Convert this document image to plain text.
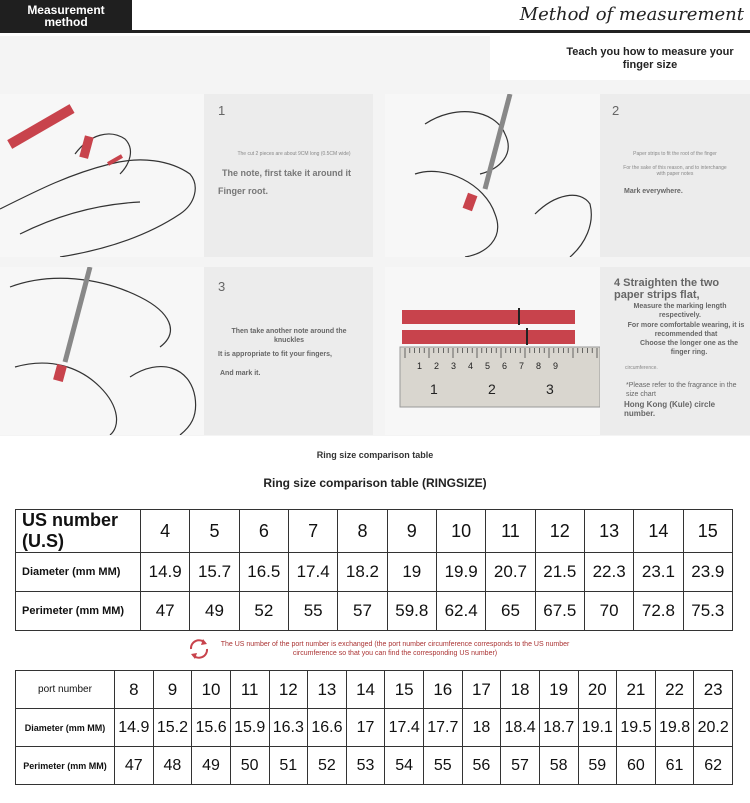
Measurement
method	Method of measurement
Teach you how to measure your finger size
1
The cut 2 pieces are about 9CM long (0.5CM wide)
The note, first take it around it
Finger root.
2
Paper strips to fit the root of the finger
For the sake of this reason, and to interchange with paper notes
Mark everywhere.
3
Then take another note around the knuckles
It is appropriate to fit your fingers,
And mark it.
1 2 3 4 5 6 7 8 9
1	2	3
4 Straighten the two paper strips flat,
Measure the marking length respectively.
For more comfortable wearing, it is recommended that
Choose the longer one as the finger ring.
circumference.
*Please refer to the fragrance in the size chart
Hong Kong (Kule) circle number.
Ring size comparison table
Ring size comparison table (RINGSIZE)
US number (U.S)	4	5	6	7	8	9	10	11	12	13	14	15
Diameter (mm MM)	14.9	15.7	16.5	17.4	18.2	19	19.9	20.7	21.5	22.3	23.1	23.9
Perimeter (mm MM)	47	49	52	55	57	59.8	62.4	65	67.5	70	72.8	75.3
The US number of the port number is exchanged (the port number circumference corresponds to the US number circumference so that you can find the corresponding US number)
port number	8	9	10	11	12	13	14	15	16	17	18	19	20	21	22	23
Diameter (mm MM)	14.9	15.2	15.6	15.9	16.3	16.6	17	17.4	17.7	18	18.4	18.7	19.1	19.5	19.8	20.2
Perimeter (mm MM)	47	48	49	50	51	52	53	54	55	56	57	58	59	60	61	62
